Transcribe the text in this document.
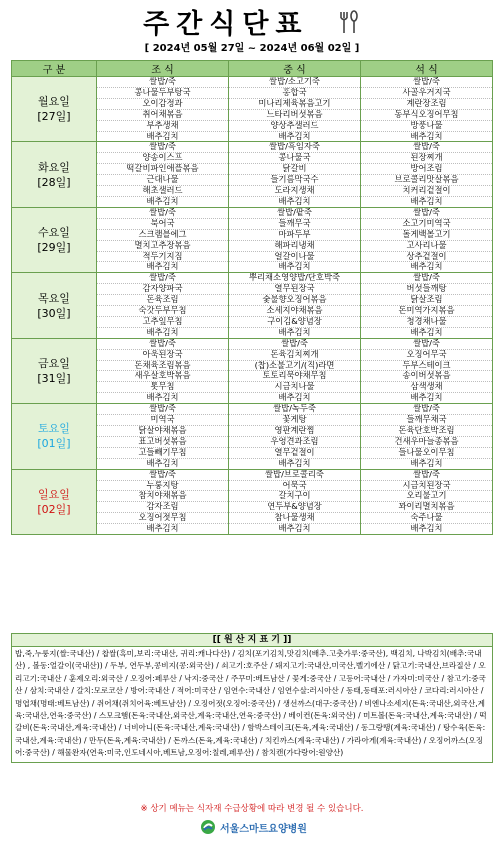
주간식단표
[ 2024년 05월 27일 ~ 2024년 06월 02일 ]
구 분	조 식	중 식	석 식

월요일
[27일]	쌀밥/죽	쌀밥/소고기죽	쌀밥/죽
	콩나물두부탕국	홍합국	사골우거지국
	오이감정과	미나리제육볶음고기	계란장조림
	취어채볶음	느타리버섯볶음	동부식오징어무침
	부추생채	양상추샐러드	방풍나물
	배추김치	배추김치	배추김치

화요일
[28일]	쌀밥/죽	쌀밥/흑임자죽	쌀밥/죽
	양송이스프	콩나물국	된장찌개
	떡갈비파인애플볶음	닭갈비	방어조림
	근대나물	들기름막국수	브로콜리맛살볶음
	해초샐러드	도라지생채	치커리겉절이
	배추김치	배추김치	배추김치

수요일
[29일]	쌀밥/죽	쌀밥/팥죽	쌀밥/죽
	북어국	들깨무국	소고기미역국
	스크램블에그	마파두부	돌게백볼고기
	멸치고추장볶음	해파리냉채	고사리나물
	적두기지짐	얼갈이나물	상추겉절이
	배추김치	배추김치	배추김치

목요일
[30일]	쌀밥/죽	뿌리채소영양밥/단호박죽	쌀밥/죽
	감자양파국	열무된장국	버섯들깨탕
	돈육조림	숯불향오징어볶음	닭살조림
	숙갓두부무침	소세지야채볶음	돈미역가지볶음
	고추잎무침	구이김&양념장	청경채나물
	배추김치	배추김치	배추김치

금요일
[31일]	쌀밥/죽	쌀밥/죽	쌀밥/죽
	아욱된장국	돈육김치찌개	오징어무국
	돈채육조림볶음	(찹)소불고기/(직)라면	두부스테이크
	새우살호박볶음	토토리묵야채무침	송이버섯볶음
	톳무침	시금치나물	삼색생채
	배추김치	배추김치	배추김치

토요일
[01일]	쌀밥/죽	쌀밥/녹두죽	쌀밥/죽
	미역국	꽃게탕	들깨무채국
	닭살야채볶음	영판계란찜	돈육단호박조림
	표고버섯볶음	우엉견과조림	건새우마늘종볶음
	고들빼기무침	열무겉절이	들나물오이무침
	배추김치	배추김치	배추김치

일요일
[02일]	쌀밥/죽	쌀밥/브로콜리죽	쌀밥/죽
	누룽지탕	어묵국	시금치된장국
	참치야채볶음	갈치구이	오리불고기
	감자조림	연두부&양념장	꽈이리멸치볶음
	오징어젓무침	참나물생채	숙주나물
	배추김치	배추김치	배추김치
[[ 원 산 지 표 기 ]]
밥,죽,누룽지(쌀:국내산) / 찹쌀(흑미,보리:국내산, 귀리:캐나다산) / 김치(포기김치,맛김치(배추.고춧가루:중국산), 백김치, 나박김치(배추:국내산) , 볼동:얼갈이(국내산)) / 두부, 연두부,콩비지(콩:외국산) / 쇠고기:호주산 / 돼지고기:국내산,미국산,벨기에산 / 닭고기:국내산,브라질산 / 오리고기:국내산 / 훈제오리:외국산 / 오징어:페루산 / 낙지:중국산 / 주꾸미:베트남산 / 꽃게:중국산 / 고등어:국내산 / 가자미:미국산 / 참고기:중국산 / 삼치:국내산 / 갈치:모로코산 / 방어:국내산 / 적어:미국산 / 임연수:국내산 / 임연수살:러시아산 / 동태,동태포:러시아산 / 코다리:러시아산 / 명엽채(명태:베트남산) / 쥐어채(쥐치어육:베트남산) / 오징어젓(오징어:중국산) / 생선까스(대구:중국산) / 비엔나소세지(돈육:국내산,외국산,계육:국내산,연육:중국산) / 스모크햄(돈육:국내산,외국산,계육:국내산,연육:중국산) / 베이컨(돈육:외국산) / 미트볼(돈육:국내산,계육:국내산) / 떡갈비(돈육:국내산,계육:국내산) / 너비아니(돈육:국내산,계육:국내산) / 함박스테이크(돈육,계육:국내산) / 동그랑땡(계육:국내산) / 탕수육(돈육:국내산,계육:국내산) / 만두(돈육,계육:국내산) / 돈까스(돈육,계육:국내산) / 치킨까스(계육:국내산) / 가라아게(계육:국내산) / 오징어까스(오징어:중국산) / 해물완자(연육:미국,인도네시아,베트남,오징어:칠레,페루산) / 참치캔(가다랑어:원양산)
※ 상기 메뉴는 식자재 수급상황에 따라 변경 될 수 있습니다.
서울스마트요양병원
